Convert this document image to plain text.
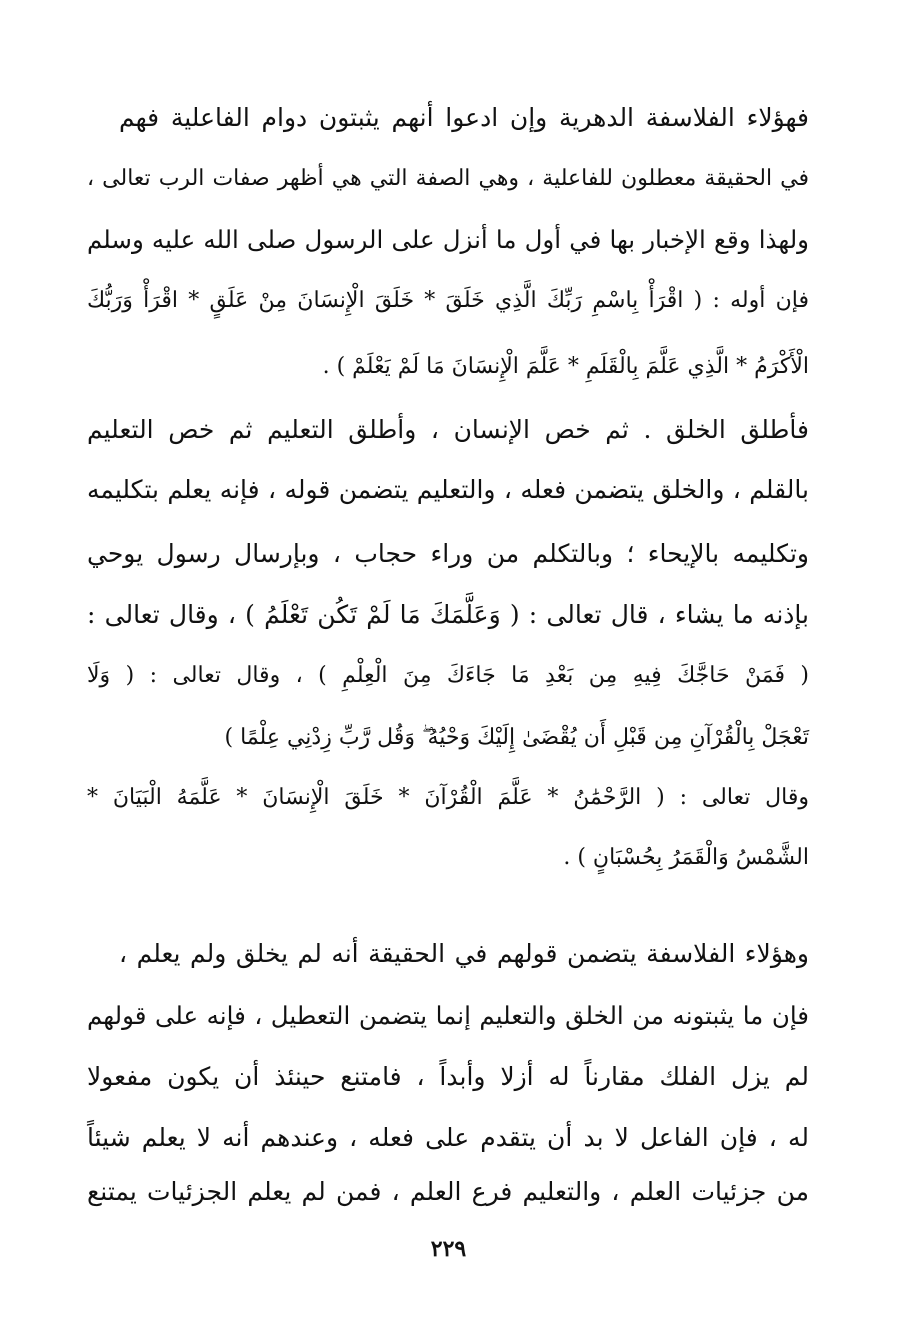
فهؤلاء الفلاسفة الدهرية وإن ادعوا أنهم يثبتون دوام الفاعلية فهم
في الحقيقة معطلون للفاعلية ، وهي الصفة التي هي أظهر صفات الرب تعالى ،
ولهذا وقع الإخبار بها في أول ما أنزل على الرسول صلى الله عليه وسلم
فإن أوله : ( اقْرَأْ بِاسْمِ رَبِّكَ الَّذِي خَلَقَ * خَلَقَ الْإِنسَانَ مِنْ عَلَقٍ * اقْرَأْ وَرَبُّكَ
الْأَكْرَمُ * الَّذِي عَلَّمَ بِالْقَلَمِ * عَلَّمَ الْإِنسَانَ مَا لَمْ يَعْلَمْ ) .
فأطلق الخلق . ثم خص الإنسان ، وأطلق التعليم ثم خص التعليم
بالقلم ، والخلق يتضمن فعله ، والتعليم يتضمن قوله ، فإنه يعلم بتكليمه
وتكليمه بالإيحاء ؛ وبالتكلم من وراء حجاب ، وبإرسال رسول يوحي
بإذنه ما يشاء ، قال تعالى : ( وَعَلَّمَكَ مَا لَمْ تَكُن تَعْلَمُ ) ، وقال تعالى :
( فَمَنْ حَاجَّكَ فِيهِ مِن بَعْدِ مَا جَاءَكَ مِنَ الْعِلْمِ ) ، وقال تعالى : ( وَلَا
تَعْجَلْ بِالْقُرْآنِ مِن قَبْلِ أَن يُقْضَىٰ إِلَيْكَ وَحْيُهُ ۖ وَقُل رَّبِّ زِدْنِي عِلْمًا )
وقال تعالى : ( الرَّحْمَٰنُ * عَلَّمَ الْقُرْآنَ * خَلَقَ الْإِنسَانَ * عَلَّمَهُ الْبَيَانَ *
الشَّمْسُ وَالْقَمَرُ بِحُسْبَانٍ ) .
وهؤلاء الفلاسفة يتضمن قولهم في الحقيقة أنه لم يخلق ولم يعلم ،
فإن ما يثبتونه من الخلق والتعليم إنما يتضمن التعطيل ، فإنه على قولهم
لم يزل الفلك مقارناً له أزلا وأبداً ، فامتنع حينئذ أن يكون مفعولا
له ، فإن الفاعل لا بد أن يتقدم على فعله ، وعندهم أنه لا يعلم شيئاً
من جزئيات العلم ، والتعليم فرع العلم ، فمن لم يعلم الجزئيات يمتنع
٢٢٩
